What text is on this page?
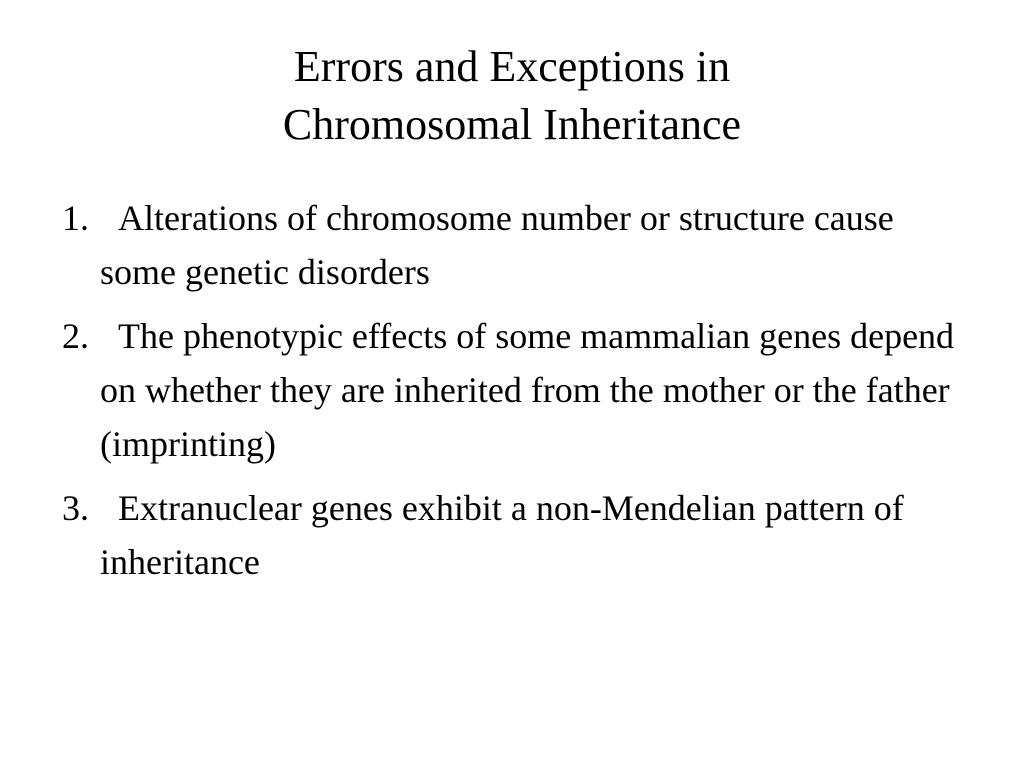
Errors and Exceptions in
Chromosomal Inheritance

1. Alterations of chromosome number or structure cause some genetic disorders

2. The phenotypic effects of some mammalian genes depend on whether they are inherited from the mother or the father (imprinting)

3. Extranuclear genes exhibit a non-Mendelian pattern of inheritance
